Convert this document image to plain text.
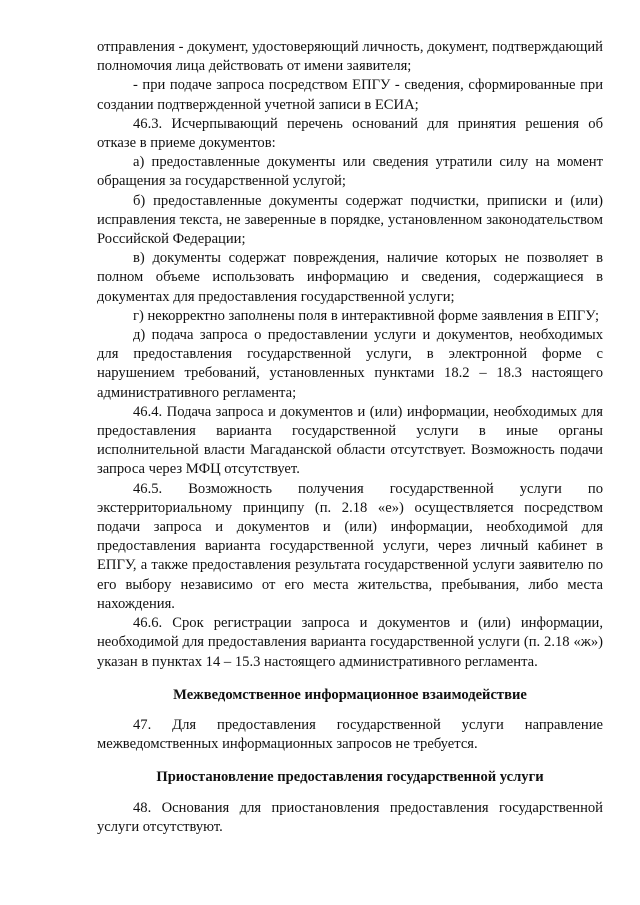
отправления - документ, удостоверяющий личность, документ, подтверждающий полномочия лица действовать от имени заявителя;

- при подаче запроса посредством ЕПГУ - сведения, сформированные при создании подтвержденной учетной записи в ЕСИА;

46.3. Исчерпывающий перечень оснований для принятия решения об отказе в приеме документов:

а) предоставленные документы или сведения утратили силу на момент обращения за государственной услугой;

б) предоставленные документы содержат подчистки, приписки и (или) исправления текста, не заверенные в порядке, установленном законодательством Российской Федерации;

в) документы содержат повреждения, наличие которых не позволяет в полном объеме использовать информацию и сведения, содержащиеся в документах для предоставления государственной услуги;

г) некорректно заполнены поля в интерактивной форме заявления в ЕПГУ;

д) подача запроса о предоставлении услуги и документов, необходимых для предоставления государственной услуги, в электронной форме с нарушением требований, установленных пунктами 18.2 – 18.3 настоящего административного регламента;

46.4. Подача запроса и документов и (или) информации, необходимых для предоставления варианта государственной услуги в иные органы исполнительной власти Магаданской области отсутствует. Возможность подачи запроса через МФЦ отсутствует.

46.5. Возможность получения государственной услуги по экстерриториальному принципу (п. 2.18 «е») осуществляется посредством подачи запроса и документов и (или) информации, необходимой для предоставления варианта государственной услуги, через личный кабинет в ЕПГУ, а также предоставления результата государственной услуги заявителю по его выбору независимо от его места жительства, пребывания, либо места нахождения.

46.6. Срок регистрации запроса и документов и (или) информации, необходимой для предоставления варианта государственной услуги (п. 2.18 «ж») указан в пунктах 14 – 15.3 настоящего административного регламента.

Межведомственное информационное взаимодействие

47. Для предоставления государственной услуги направление межведомственных информационных запросов не требуется.

Приостановление предоставления государственной услуги

48. Основания для приостановления предоставления государственной услуги отсутствуют.
